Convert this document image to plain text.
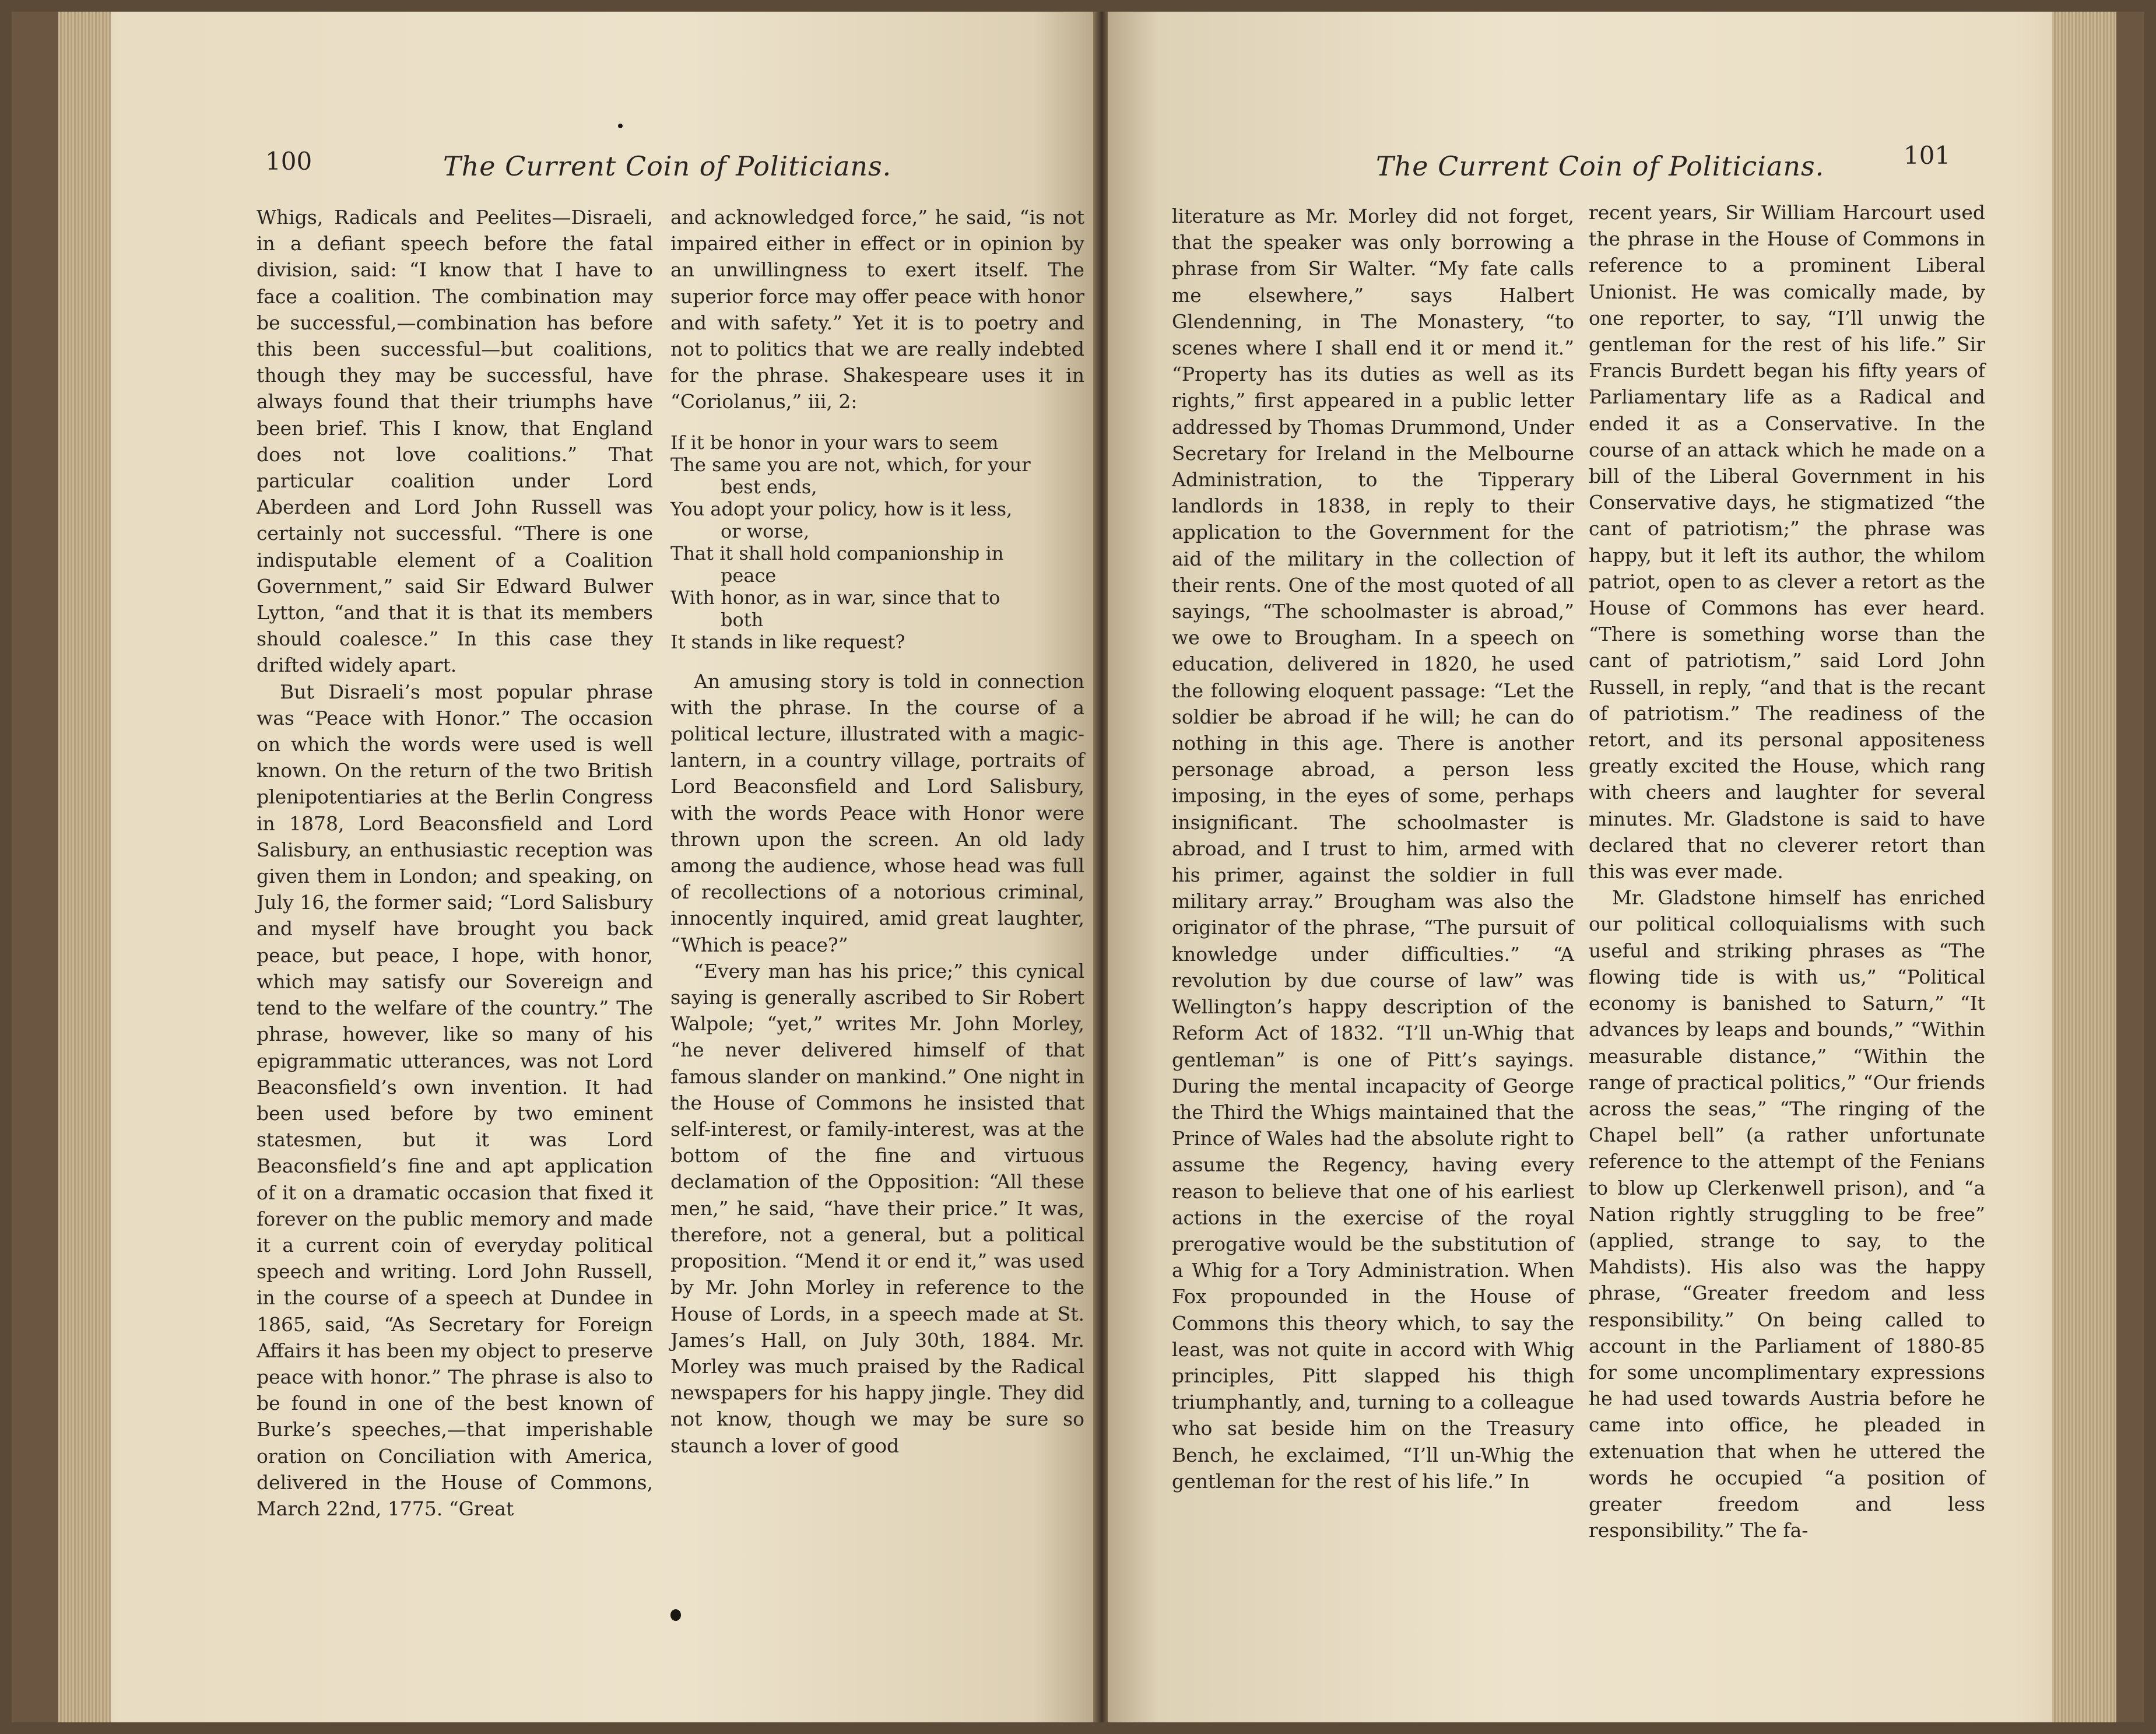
100	The Current Coin of Politicians.

Whigs, Radicals and Peelites—Disraeli, in a defiant speech before the fatal division, said: “I know that I have to face a coalition. The combination may be successful,—combination has before this been successful—but coalitions, though they may be successful, have always found that their triumphs have been brief. This I know, that England does not love coalitions.” That particular coalition under Lord Aberdeen and Lord John Russell was certainly not successful. “There is one indisputable element of a Coalition Government,” said Sir Edward Bulwer Lytton, “and that it is that its members should coalesce.” In this case they drifted widely apart.

But Disraeli’s most popular phrase was “Peace with Honor.” The occasion on which the words were used is well known. On the return of the two British plenipotentiaries at the Berlin Congress in 1878, Lord Beaconsfield and Lord Salisbury, an enthusiastic reception was given them in London; and speaking, on July 16, the former said; “Lord Salisbury and myself have brought you back peace, but peace, I hope, with honor, which may satisfy our Sovereign and tend to the welfare of the country.” The phrase, however, like so many of his epigrammatic utterances, was not Lord Beaconsfield’s own invention. It had been used before by two eminent statesmen, but it was Lord Beaconsfield’s fine and apt application of it on a dramatic occasion that fixed it forever on the public memory and made it a current coin of everyday political speech and writing. Lord John Russell, in the course of a speech at Dundee in 1865, said, “As Secretary for Foreign Affairs it has been my object to preserve peace with honor.” The phrase is also to be found in one of the best known of Burke’s speeches,—that imperishable oration on Conciliation with America, delivered in the House of Commons, March 22nd, 1775. “Great

and acknowledged force,” he said, “is not impaired either in effect or in opinion by an unwillingness to exert itself. The superior force may offer peace with honor and with safety.” Yet it is to poetry and not to politics that we are really indebted for the phrase. Shakespeare uses it in “Coriolanus,” iii, 2:

If it be honor in your wars to seem
The same you are not, which, for your
best ends,
You adopt your policy, how is it less,
or worse,
That it shall hold companionship in
peace
With honor, as in war, since that to
both
It stands in like request?

An amusing story is told in connection with the phrase. In the course of a political lecture, illustrated with a magic-lantern, in a country village, portraits of Lord Beaconsfield and Lord Salisbury, with the words Peace with Honor were thrown upon the screen. An old lady among the audience, whose head was full of recollections of a notorious criminal, innocently inquired, amid great laughter, “Which is peace?”

“Every man has his price;” this cynical saying is generally ascribed to Sir Robert Walpole; “yet,” writes Mr. John Morley, “he never delivered himself of that famous slander on mankind.” One night in the House of Commons he insisted that self-interest, or family-interest, was at the bottom of the fine and virtuous declamation of the Opposition: “All these men,” he said, “have their price.” It was, therefore, not a general, but a political proposition. “Mend it or end it,” was used by Mr. John Morley in reference to the House of Lords, in a speech made at St. James’s Hall, on July 30th, 1884. Mr. Morley was much praised by the Radical newspapers for his happy jingle. They did not know, though we may be sure so staunch a lover of good

The Current Coin of Politicians.	101

literature as Mr. Morley did not forget, that the speaker was only borrowing a phrase from Sir Walter. “My fate calls me elsewhere,” says Halbert Glendenning, in The Monastery, “to scenes where I shall end it or mend it.” “Property has its duties as well as its rights,” first appeared in a public letter addressed by Thomas Drummond, Under Secretary for Ireland in the Melbourne Administration, to the Tipperary landlords in 1838, in reply to their application to the Government for the aid of the military in the collection of their rents. One of the most quoted of all sayings, “The schoolmaster is abroad,” we owe to Brougham. In a speech on education, delivered in 1820, he used the following eloquent passage: “Let the soldier be abroad if he will; he can do nothing in this age. There is another personage abroad, a person less imposing, in the eyes of some, perhaps insignificant. The schoolmaster is abroad, and I trust to him, armed with his primer, against the soldier in full military array.” Brougham was also the originator of the phrase, “The pursuit of knowledge under difficulties.” “A revolution by due course of law” was Wellington’s happy description of the Reform Act of 1832. “I’ll un-Whig that gentleman” is one of Pitt’s sayings. During the mental incapacity of George the Third the Whigs maintained that the Prince of Wales had the absolute right to assume the Regency, having every reason to believe that one of his earliest actions in the exercise of the royal prerogative would be the substitution of a Whig for a Tory Administration. When Fox propounded in the House of Commons this theory which, to say the least, was not quite in accord with Whig principles, Pitt slapped his thigh triumphantly, and, turning to a colleague who sat beside him on the Treasury Bench, he exclaimed, “I’ll un-Whig the gentleman for the rest of his life.” In

recent years, Sir William Harcourt used the phrase in the House of Commons in reference to a prominent Liberal Unionist. He was comically made, by one reporter, to say, “I’ll unwig the gentleman for the rest of his life.” Sir Francis Burdett began his fifty years of Parliamentary life as a Radical and ended it as a Conservative. In the course of an attack which he made on a bill of the Liberal Government in his Conservative days, he stigmatized “the cant of patriotism;” the phrase was happy, but it left its author, the whilom patriot, open to as clever a retort as the House of Commons has ever heard. “There is something worse than the cant of patriotism,” said Lord John Russell, in reply, “and that is the recant of patriotism.” The readiness of the retort, and its personal appositeness greatly excited the House, which rang with cheers and laughter for several minutes. Mr. Gladstone is said to have declared that no cleverer retort than this was ever made.

Mr. Gladstone himself has enriched our political colloquialisms with such useful and striking phrases as “The flowing tide is with us,” “Political economy is banished to Saturn,” “It advances by leaps and bounds,” “Within measurable distance,” “Within the range of practical politics,” “Our friends across the seas,” “The ringing of the Chapel bell” (a rather unfortunate reference to the attempt of the Fenians to blow up Clerkenwell prison), and “a Nation rightly struggling to be free” (applied, strange to say, to the Mahdists). His also was the happy phrase, “Greater freedom and less responsibility.” On being called to account in the Parliament of 1880-85 for some uncomplimentary expressions he had used towards Austria before he came into office, he pleaded in extenuation that when he uttered the words he occupied “a position of greater freedom and less responsibility.” The fa-
